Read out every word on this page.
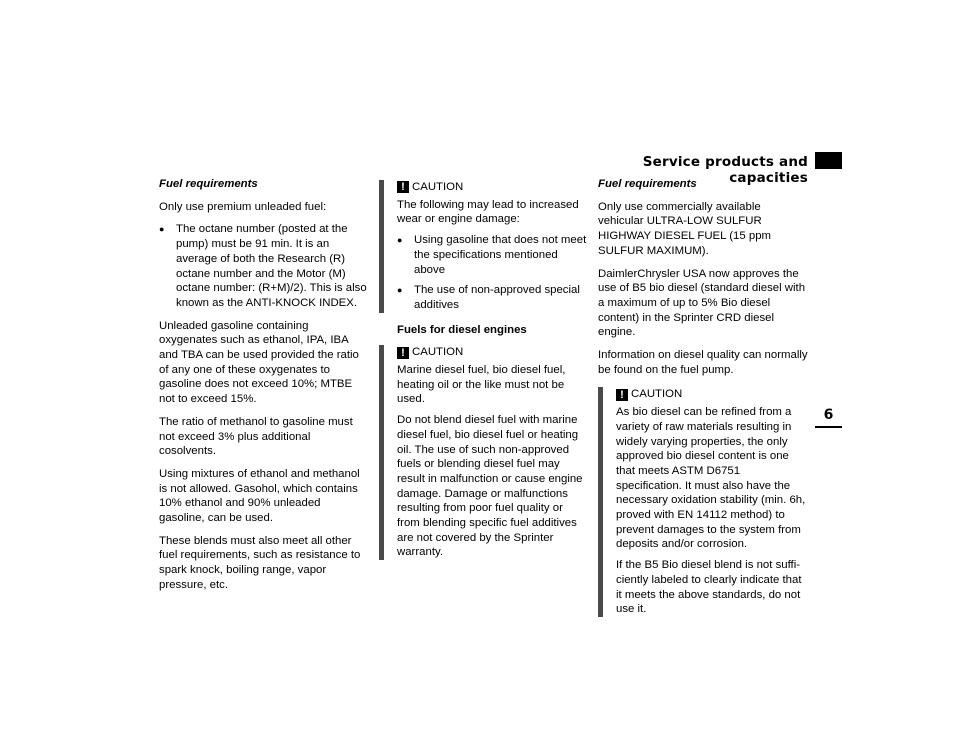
Service products and capacities
6
Fuel requirements

Only use premium unleaded fuel:

● The octane number (posted at the pump) must be 91 min. It is an average of both the Research (R) octane number and the Motor (M) octane number: (R+M)/2). This is also known as the ANTI-KNOCK INDEX.

Unleaded gasoline containing oxygenates such as ethanol, IPA, IBA and TBA can be used provided the ratio of any one of these oxygenates to gasoline does not exceed 10%; MTBE not to exceed 15%.

The ratio of methanol to gasoline must not exceed 3% plus additional cosolvents.

Using mixtures of ethanol and methanol is not allowed. Gasohol, which contains 10% ethanol and 90% unleaded gasoline, can be used.

These blends must also meet all other fuel requirements, such as resistance to spark knock, boiling range, vapor pressure, etc.

! CAUTION

The following may lead to increased wear or engine damage:

● Using gasoline that does not meet the specifications mentioned above
● The use of non-approved special additives
Fuels for diesel engines
! CAUTION

Marine diesel fuel, bio diesel fuel, heating oil or the like must not be used.

Do not blend diesel fuel with marine diesel fuel, bio diesel fuel or heating oil. The use of such non-approved fuels or blending diesel fuel may result in malfunction or cause engine damage. Damage or malfunctions resulting from poor fuel quality or from blending specific fuel additives are not covered by the Sprinter warranty.

Fuel requirements

Only use commercially available vehicular ULTRA-LOW SULFUR HIGHWAY DIESEL FUEL (15 ppm SULFUR MAXIMUM).

DaimlerChrysler USA now approves the use of B5 bio diesel (standard diesel with a maximum of up to 5% Bio diesel content) in the Sprinter CRD diesel engine.

Information on diesel quality can normally be found on the fuel pump.

! CAUTION

As bio diesel can be refined from a variety of raw materials resulting in widely varying properties, the only approved bio diesel content is one that meets ASTM D6751 specification. It must also have the necessary oxidation stability (min. 6h, proved with EN 14112 method) to prevent damages to the system from deposits and/or corrosion.

If the B5 Bio diesel blend is not sufficiently labeled to clearly indicate that it meets the above standards, do not use it.
